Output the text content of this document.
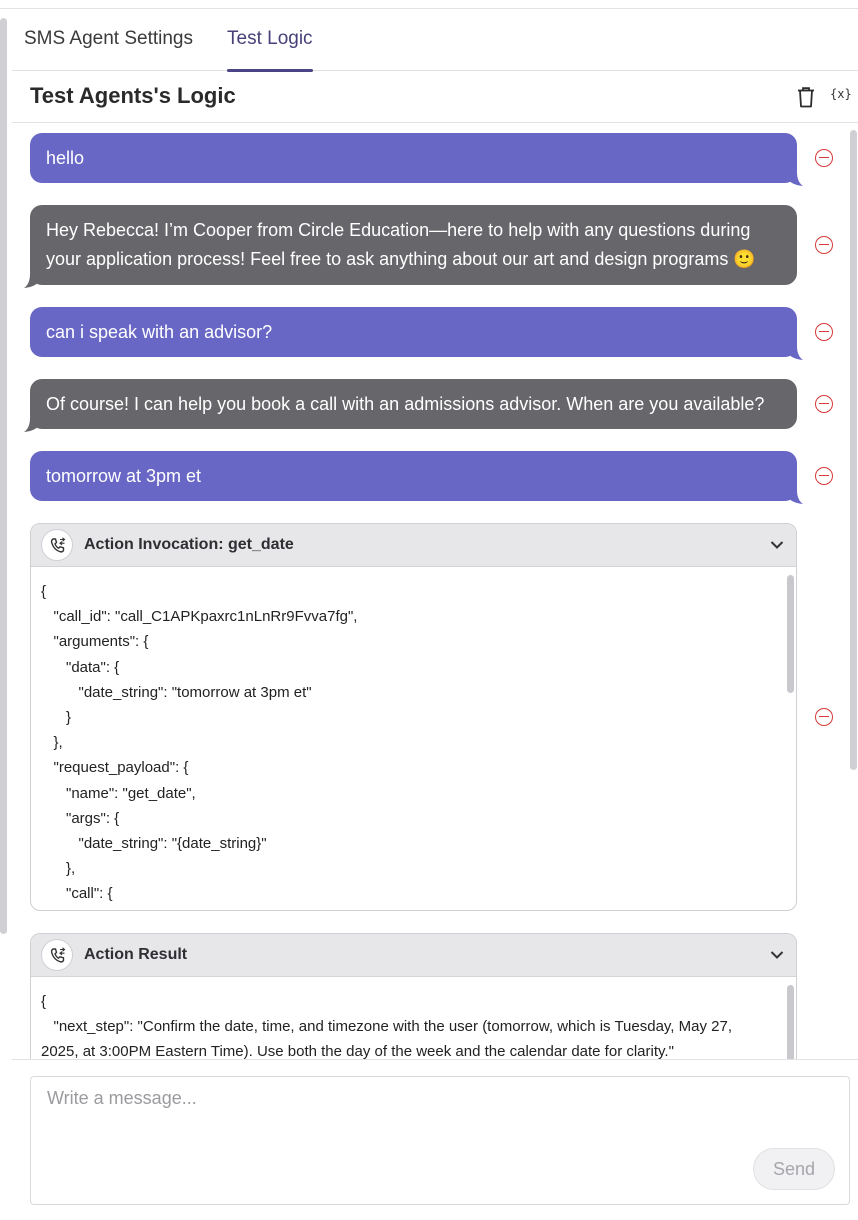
SMS Agent Settings Test Logic
Test Agents's Logic	{x}
hello
Hey Rebecca! I’m Cooper from Circle Education—here to help with any questions during
your application process! Feel free to ask anything about our art and design programs 🙂
can i speak with an advisor?
Of course! I can help you book a call with an admissions advisor. When are you available?
tomorrow at 3pm et
Action Invocation: get_date
{
"call_id": "call_C1APKpaxrc1nLnRr9Fvva7fg",
"arguments": {
"data": {
"date_string": "tomorrow at 3pm et"
}
},
"request_payload": {
"name": "get_date",
"args": {
"date_string": "{date_string}"
},
"call": {
Action Result
{
"next_step": "Confirm the date, time, and timezone with the user (tomorrow, which is Tuesday, May 27,
2025, at 3:00PM Eastern Time). Use both the day of the week and the calendar date for clarity."
Write a message...
Send
